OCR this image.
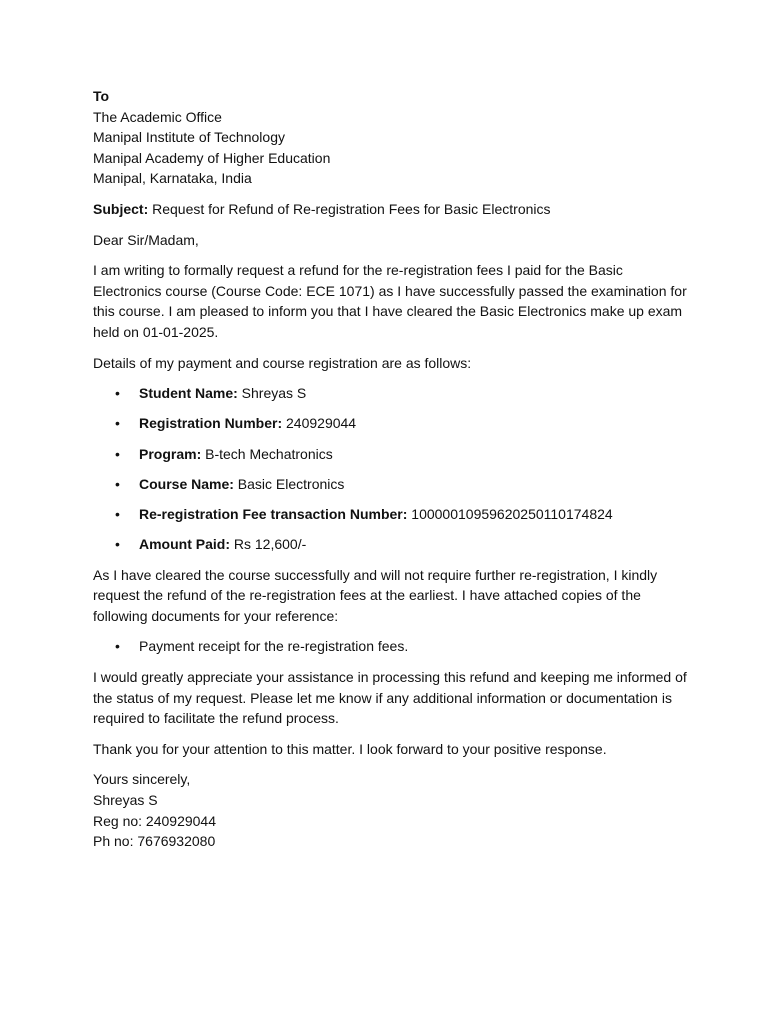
To
The Academic Office
Manipal Institute of Technology
Manipal Academy of Higher Education
Manipal, Karnataka, India

Subject: Request for Refund of Re-registration Fees for Basic Electronics

Dear Sir/Madam,

I am writing to formally request a refund for the re-registration fees I paid for the Basic Electronics course (Course Code: ECE 1071) as I have successfully passed the examination for this course. I am pleased to inform you that I have cleared the Basic Electronics make up exam held on 01-01-2025.

Details of my payment and course registration are as follows:

• Student Name: Shreyas S
• Registration Number: 240929044
• Program: B-tech Mechatronics
• Course Name: Basic Electronics
• Re-registration Fee transaction Number: 1000001095962025011017482​4
• Amount Paid: Rs 12,600/-

As I have cleared the course successfully and will not require further re-registration, I kindly request the refund of the re-registration fees at the earliest. I have attached copies of the following documents for your reference:

• Payment receipt for the re-registration fees.

I would greatly appreciate your assistance in processing this refund and keeping me informed of the status of my request. Please let me know if any additional information or documentation is required to facilitate the refund process.

Thank you for your attention to this matter. I look forward to your positive response.

Yours sincerely,
Shreyas S
Reg no: 240929044
Ph no: 7676932080
